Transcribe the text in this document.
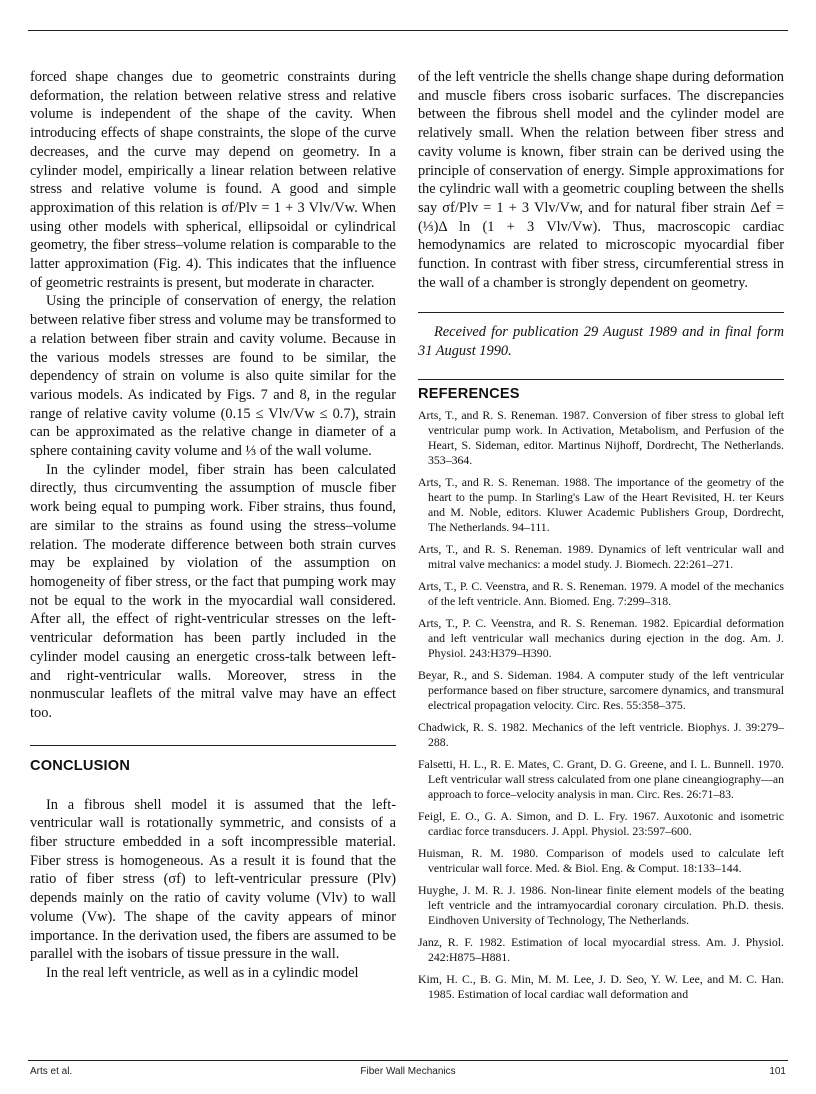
forced shape changes due to geometric constraints during deformation, the relation between relative stress and relative volume is independent of the shape of the cavity. When introducing effects of shape constraints, the slope of the curve decreases, and the curve may depend on geometry. In a cylinder model, empirically a linear relation between relative stress and relative volume is found. A good and simple approximation of this relation is σf/Plv = 1 + 3 Vlv/Vw. When using other models with spherical, ellipsoidal or cylindrical geometry, the fiber stress–volume relation is comparable to the latter approximation (Fig. 4). This indicates that the influence of geometric restraints is present, but moderate in character.

Using the principle of conservation of energy, the relation between relative fiber stress and volume may be transformed to a relation between fiber strain and cavity volume. Because in the various models stresses are found to be similar, the dependency of strain on volume is also quite similar for the various models. As indicated by Figs. 7 and 8, in the regular range of relative cavity volume (0.15 ≤ Vlv/Vw ≤ 0.7), strain can be approximated as the relative change in diameter of a sphere containing cavity volume and ⅓ of the wall volume.

In the cylinder model, fiber strain has been calculated directly, thus circumventing the assumption of muscle fiber work being equal to pumping work. Fiber strains, thus found, are similar to the strains as found using the stress–volume relation. The moderate difference between both strain curves may be explained by violation of the assumption on homogeneity of fiber stress, or the fact that pumping work may not be equal to the work in the myocardial wall considered. After all, the effect of right-ventricular stresses on the left-ventricular deformation has been partly included in the cylinder model causing an energetic cross-talk between left- and right-ventricular walls. Moreover, stress in the nonmuscular leaflets of the mitral valve may have an effect too.

CONCLUSION

In a fibrous shell model it is assumed that the left-ventricular wall is rotationally symmetric, and consists of a fiber structure embedded in a soft incompressible material. Fiber stress is homogeneous. As a result it is found that the ratio of fiber stress (σf) to left-ventricular pressure (Plv) depends mainly on the ratio of cavity volume (Vlv) to wall volume (Vw). The shape of the cavity appears of minor importance. In the derivation used, the fibers are assumed to be parallel with the isobars of tissue pressure in the wall.

In the real left ventricle, as well as in a cylindic model

of the left ventricle the shells change shape during deformation and muscle fibers cross isobaric surfaces. The discrepancies between the fibrous shell model and the cylinder model are relatively small. When the relation between fiber stress and cavity volume is known, fiber strain can be derived using the principle of conservation of energy. Simple approximations for the cylindric wall with a geometric coupling between the shells say σf/Plv = 1 + 3 Vlv/Vw, and for natural fiber strain Δef = (⅓)Δ ln (1 + 3 Vlv/Vw). Thus, macroscopic cardiac hemodynamics are related to microscopic myocardial fiber function. In contrast with fiber stress, circumferential stress in the wall of a chamber is strongly dependent on geometry.

Received for publication 29 August 1989 and in final form 31 August 1990.

REFERENCES
Arts, T., and R. S. Reneman. 1987. Conversion of fiber stress to global left ventricular pump work. In Activation, Metabolism, and Perfusion of the Heart, S. Sideman, editor. Martinus Nijhoff, Dordrecht, The Netherlands. 353–364.
Arts, T., and R. S. Reneman. 1988. The importance of the geometry of the heart to the pump. In Starling's Law of the Heart Revisited, H. ter Keurs and M. Noble, editors. Kluwer Academic Publishers Group, Dordrecht, The Netherlands. 94–111.
Arts, T., and R. S. Reneman. 1989. Dynamics of left ventricular wall and mitral valve mechanics: a model study. J. Biomech. 22:261–271.
Arts, T., P. C. Veenstra, and R. S. Reneman. 1979. A model of the mechanics of the left ventricle. Ann. Biomed. Eng. 7:299–318.
Arts, T., P. C. Veenstra, and R. S. Reneman. 1982. Epicardial deformation and left ventricular wall mechanics during ejection in the dog. Am. J. Physiol. 243:H379–H390.
Beyar, R., and S. Sideman. 1984. A computer study of the left ventricular performance based on fiber structure, sarcomere dynamics, and transmural electrical propagation velocity. Circ. Res. 55:358–375.
Chadwick, R. S. 1982. Mechanics of the left ventricle. Biophys. J. 39:279–288.
Falsetti, H. L., R. E. Mates, C. Grant, D. G. Greene, and I. L. Bunnell. 1970. Left ventricular wall stress calculated from one plane cineangiography—an approach to force–velocity analysis in man. Circ. Res. 26:71–83.
Feigl, E. O., G. A. Simon, and D. L. Fry. 1967. Auxotonic and isometric cardiac force transducers. J. Appl. Physiol. 23:597–600.
Huisman, R. M. 1980. Comparison of models used to calculate left ventricular wall force. Med. & Biol. Eng. & Comput. 18:133–144.
Huyghe, J. M. R. J. 1986. Non-linear finite element models of the beating left ventricle and the intramyocardial coronary circulation. Ph.D. thesis. Eindhoven University of Technology, The Netherlands.
Janz, R. F. 1982. Estimation of local myocardial stress. Am. J. Physiol. 242:H875–H881.
Kim, H. C., B. G. Min, M. M. Lee, J. D. Seo, Y. W. Lee, and M. C. Han. 1985. Estimation of local cardiac wall deformation and
Arts et al.	Fiber Wall Mechanics	101
